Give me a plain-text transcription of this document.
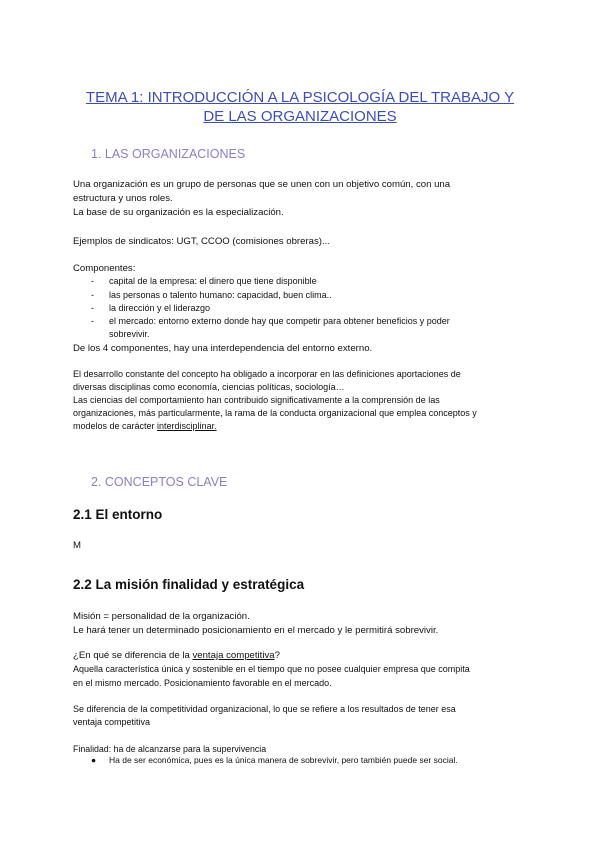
TEMA 1: INTRODUCCIÓN A LA PSICOLOGÍA DEL TRABAJO Y
DE LAS ORGANIZACIONES
1. LAS ORGANIZACIONES
Una organización es un grupo de personas que se unen con un objetivo común, con una
estructura y unos roles.
La base de su organización es la especialización.
Ejemplos de sindicatos: UGT, CCOO (comisiones obreras)...
Componentes:
- capital de la empresa: el dinero que tiene disponible
- las personas o talento humano: capacidad, buen clima..
- la dirección y el liderazgo
- el mercado: entorno externo donde hay que competir para obtener beneficios y poder
sobrevivir.
De los 4 componentes, hay una interdependencia del entorno externo.
El desarrollo constante del concepto ha obligado a incorporar en las definiciones aportaciones de
diversas disciplinas como economía, ciencias políticas, sociología…
Las ciencias del comportamiento han contribuido significativamente a la comprensión de las
organizaciones, más particularmente, la rama de la conducta organizacional que emplea conceptos y
modelos de carácter interdisciplinar.
2. CONCEPTOS CLAVE
2.1 El entorno
M
2.2 La misión finalidad y estratégica
Misión = personalidad de la organización.
Le hará tener un determinado posicionamiento en el mercado y le permitirá sobrevivir.
¿En qué se diferencia de la ventaja competitiva?
Aquella característica única y sostenible en el tiempo que no posee cualquier empresa que compita
en el mismo mercado. Posicionamiento favorable en el mercado.
Se diferencia de la competitividad organizacional, lo que se refiere a los resultados de tener esa
ventaja competitiva
Finalidad: ha de alcanzarse para la supervivencia
● Ha de ser económica, pues es la única manera de sobrevivir, pero también puede ser social.
